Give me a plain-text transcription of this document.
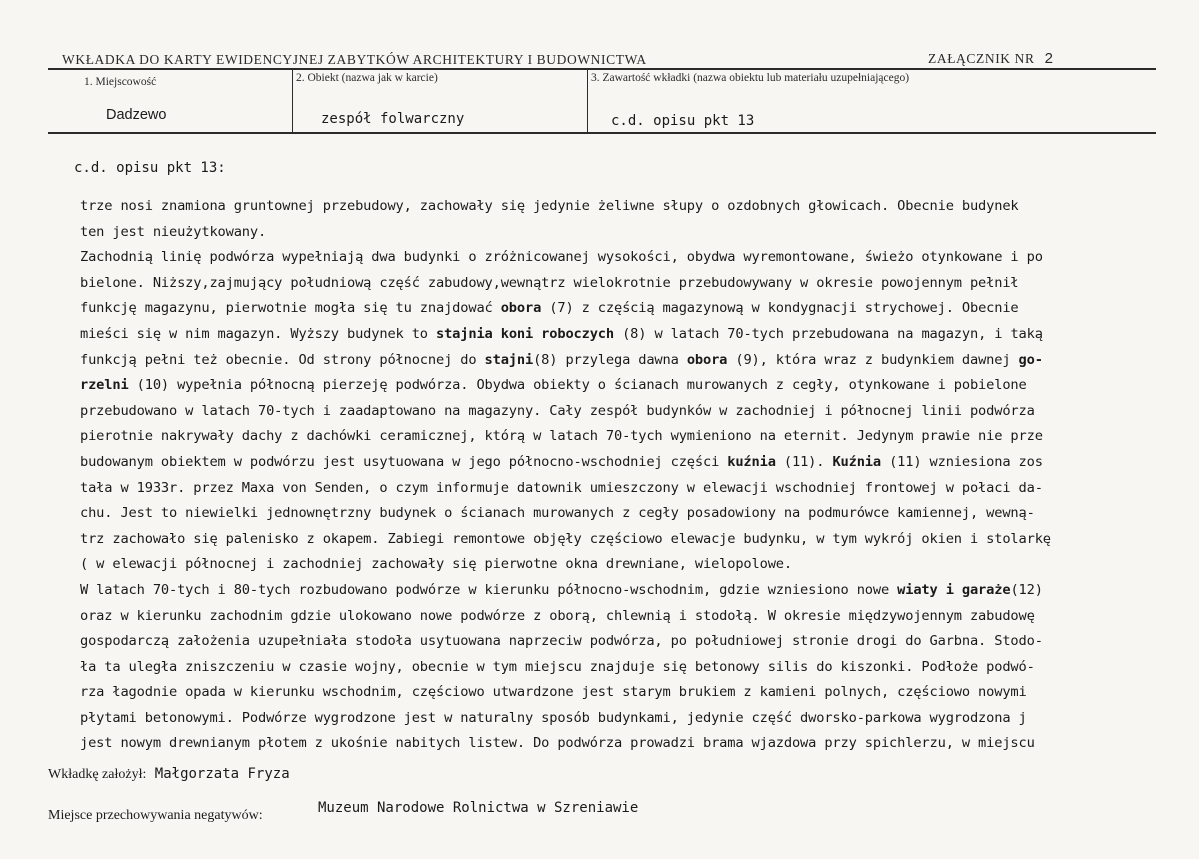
WKŁADKA DO KARTY EWIDENCYJNEJ ZABYTKÓW ARCHITEKTURY I BUDOWNICTWA	ZAŁĄCZNIK NR 2
1. Miejscowość
Dadzewo
2. Obiekt (nazwa jak w karcie)
zespół folwarczny
3. Zawartość wkładki (nazwa obiektu lub materiału uzupełniającego)
c.d. opisu pkt 13
c.d. opisu pkt 13:
trze nosi znamiona gruntownej przebudowy, zachowały się jedynie żeliwne słupy o ozdobnych głowicach. Obecnie budynek
ten jest nieużytkowany.
Zachodnią linię podwórza wypełniają dwa budynki o zróżnicowanej wysokości, obydwa wyremontowane, świeżo otynkowane i po
bielone. Niższy,zajmujący południową część zabudowy,wewnątrz wielokrotnie przebudowywany w okresie powojennym pełnił
funkcję magazynu, pierwotnie mogła się tu znajdować obora (7) z częścią magazynową w kondygnacji strychowej. Obecnie
mieści się w nim magazyn. Wyższy budynek to stajnia koni roboczych (8) w latach 70-tych przebudowana na magazyn, i taką
funkcją pełni też obecnie. Od strony północnej do stajni(8) przylega dawna obora (9), która wraz z budynkiem dawnej go-
rzelni (10) wypełnia północną pierzeję podwórza. Obydwa obiekty o ścianach murowanych z cegły, otynkowane i pobielone
przebudowano w latach 70-tych i zaadaptowano na magazyny. Cały zespół budynków w zachodniej i północnej linii podwórza
pierotnie nakrywały dachy z dachówki ceramicznej, którą w latach 70-tych wymieniono na eternit. Jedynym prawie nie prze
budowanym obiektem w podwórzu jest usytuowana w jego północno-wschodniej części kuźnia (11). Kuźnia (11) wzniesiona zos
tała w 1933r. przez Maxa von Senden, o czym informuje datownik umieszczony w elewacji wschodniej frontowej w połaci da-
chu. Jest to niewielki jednownętrzny budynek o ścianach murowanych z cegły posadowiony na podmurówce kamiennej, wewną-
trz zachowało się palenisko z okapem. Zabiegi remontowe objęły częściowo elewacje budynku, w tym wykrój okien i stolarkę
( w elewacji północnej i zachodniej zachowały się pierwotne okna drewniane, wielopolowe.
W latach 70-tych i 80-tych rozbudowano podwórze w kierunku północno-wschodnim, gdzie wzniesiono nowe wiaty i garaże(12)
oraz w kierunku zachodnim gdzie ulokowano nowe podwórze z oborą, chlewnią i stodołą. W okresie międzywojennym zabudowę
gospodarczą założenia uzupełniała stodoła usytuowana naprzeciw podwórza, po południowej stronie drogi do Garbna. Stodo-
ła ta uległa zniszczeniu w czasie wojny, obecnie w tym miejscu znajduje się betonowy silis do kiszonki. Podłoże podwó-
rza łagodnie opada w kierunku wschodnim, częściowo utwardzone jest starym brukiem z kamieni polnych, częściowo nowymi
płytami betonowymi. Podwórze wygrodzone jest w naturalny sposób budynkami, jedynie część dworsko-parkowa wygrodzona j
jest nowym drewnianym płotem z ukośnie nabitych listew. Do podwórza prowadzi brama wjazdowa przy spichlerzu, w miejscu
Wkładkę założył: Małgorzata Fryza
Miejsce przechowywania negatywów:	Muzeum Narodowe Rolnictwa w Szreniawie
